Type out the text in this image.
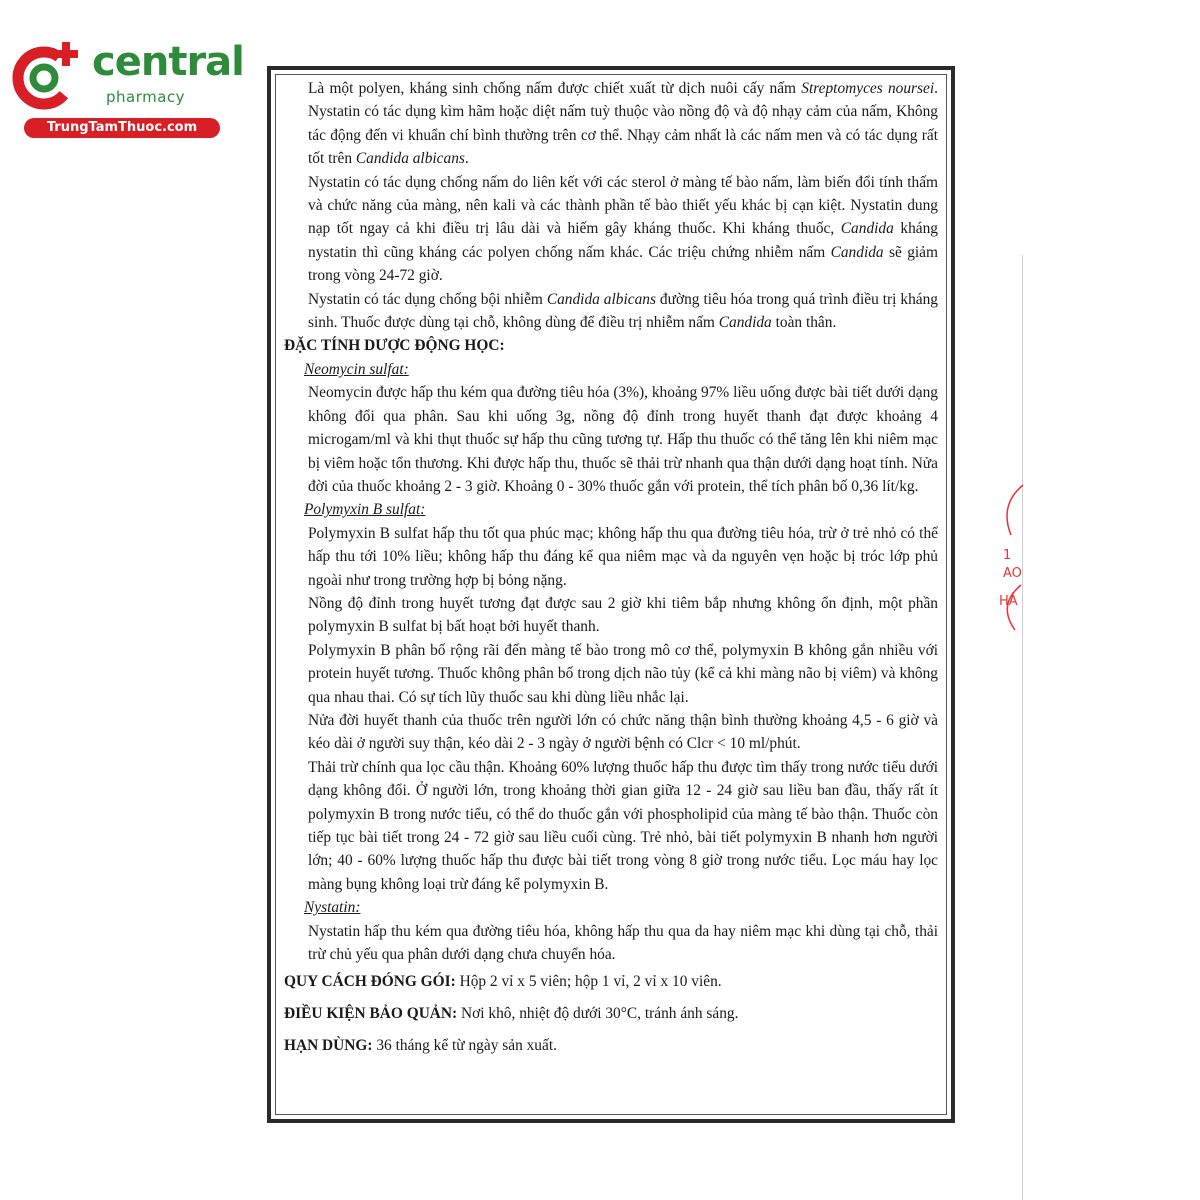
central
pharmacy
TrungTamThuoc.com

Là một polyen, kháng sinh chống nấm được chiết xuất từ dịch nuôi cấy nấm Streptomyces noursei. Nystatin có tác dụng kìm hãm hoặc diệt nấm tuỳ thuộc vào nồng độ và độ nhạy cảm của nấm, Không tác động đến vi khuẩn chí bình thường trên cơ thể. Nhạy cảm nhất là các nấm men và có tác dụng rất tốt trên Candida albicans.

Nystatin có tác dụng chống nấm do liên kết với các sterol ở màng tế bào nấm, làm biến đổi tính thấm và chức năng của màng, nên kali và các thành phần tế bào thiết yếu khác bị cạn kiệt. Nystatin dung nạp tốt ngay cả khi điều trị lâu dài và hiếm gây kháng thuốc. Khi kháng thuốc, Candida kháng nystatin thì cũng kháng các polyen chống nấm khác. Các triệu chứng nhiễm nấm Candida sẽ giảm trong vòng 24-72 giờ.

Nystatin có tác dụng chống bội nhiễm Candida albicans đường tiêu hóa trong quá trình điều trị kháng sinh. Thuốc được dùng tại chỗ, không dùng để điều trị nhiễm nấm Candida toàn thân.

ĐẶC TÍNH DƯỢC ĐỘNG HỌC:

Neomycin sulfat:

Neomycin được hấp thu kém qua đường tiêu hóa (3%), khoảng 97% liều uống được bài tiết dưới dạng không đổi qua phân. Sau khi uống 3g, nồng độ đỉnh trong huyết thanh đạt được khoảng 4 microgam/ml và khi thụt thuốc sự hấp thu cũng tương tự. Hấp thu thuốc có thể tăng lên khi niêm mạc bị viêm hoặc tổn thương. Khi được hấp thu, thuốc sẽ thải trừ nhanh qua thận dưới dạng hoạt tính. Nửa đời của thuốc khoảng 2 - 3 giờ. Khoảng 0 - 30% thuốc gắn với protein, thể tích phân bố 0,36 lít/kg.

Polymyxin B sulfat:

Polymyxin B sulfat hấp thu tốt qua phúc mạc; không hấp thu qua đường tiêu hóa, trừ ở trẻ nhỏ có thể hấp thu tới 10% liều; không hấp thu đáng kể qua niêm mạc và da nguyên vẹn hoặc bị tróc lớp phủ ngoài như trong trường hợp bị bỏng nặng.

Nồng độ đỉnh trong huyết tương đạt được sau 2 giờ khi tiêm bắp nhưng không ổn định, một phần polymyxin B sulfat bị bất hoạt bởi huyết thanh.

Polymyxin B phân bố rộng rãi đến màng tế bào trong mô cơ thể, polymyxin B không gắn nhiều với protein huyết tương. Thuốc không phân bố trong dịch não tủy (kể cả khi màng não bị viêm) và không qua nhau thai. Có sự tích lũy thuốc sau khi dùng liều nhắc lại.

Nửa đời huyết thanh của thuốc trên người lớn có chức năng thận bình thường khoảng 4,5 - 6 giờ và kéo dài ở người suy thận, kéo dài 2 - 3 ngày ở người bệnh có Clcr < 10 ml/phút.

Thải trừ chính qua lọc cầu thận. Khoảng 60% lượng thuốc hấp thu được tìm thấy trong nước tiểu dưới dạng không đổi. Ở người lớn, trong khoảng thời gian giữa 12 - 24 giờ sau liều ban đầu, thấy rất ít polymyxin B trong nước tiểu, có thể do thuốc gắn với phospholipid của màng tế bào thận. Thuốc còn tiếp tục bài tiết trong 24 - 72 giờ sau liều cuối cùng. Trẻ nhỏ, bài tiết polymyxin B nhanh hơn người lớn; 40 - 60% lượng thuốc hấp thu được bài tiết trong vòng 8 giờ trong nước tiểu. Lọc máu hay lọc màng bụng không loại trừ đáng kể polymyxin B.

Nystatin:

Nystatin hấp thu kém qua đường tiêu hóa, không hấp thu qua da hay niêm mạc khi dùng tại chỗ, thải trừ chủ yếu qua phân dưới dạng chưa chuyển hóa.

QUY CÁCH ĐÓNG GÓI: Hộp 2 vỉ x 5 viên; hộp 1 vỉ, 2 vỉ x 10 viên.

ĐIỀU KIỆN BẢO QUẢN: Nơi khô, nhiệt độ dưới 30°C, tránh ánh sáng.

HẠN DÙNG: 36 tháng kể từ ngày sản xuất.

1
AO
HÀ
